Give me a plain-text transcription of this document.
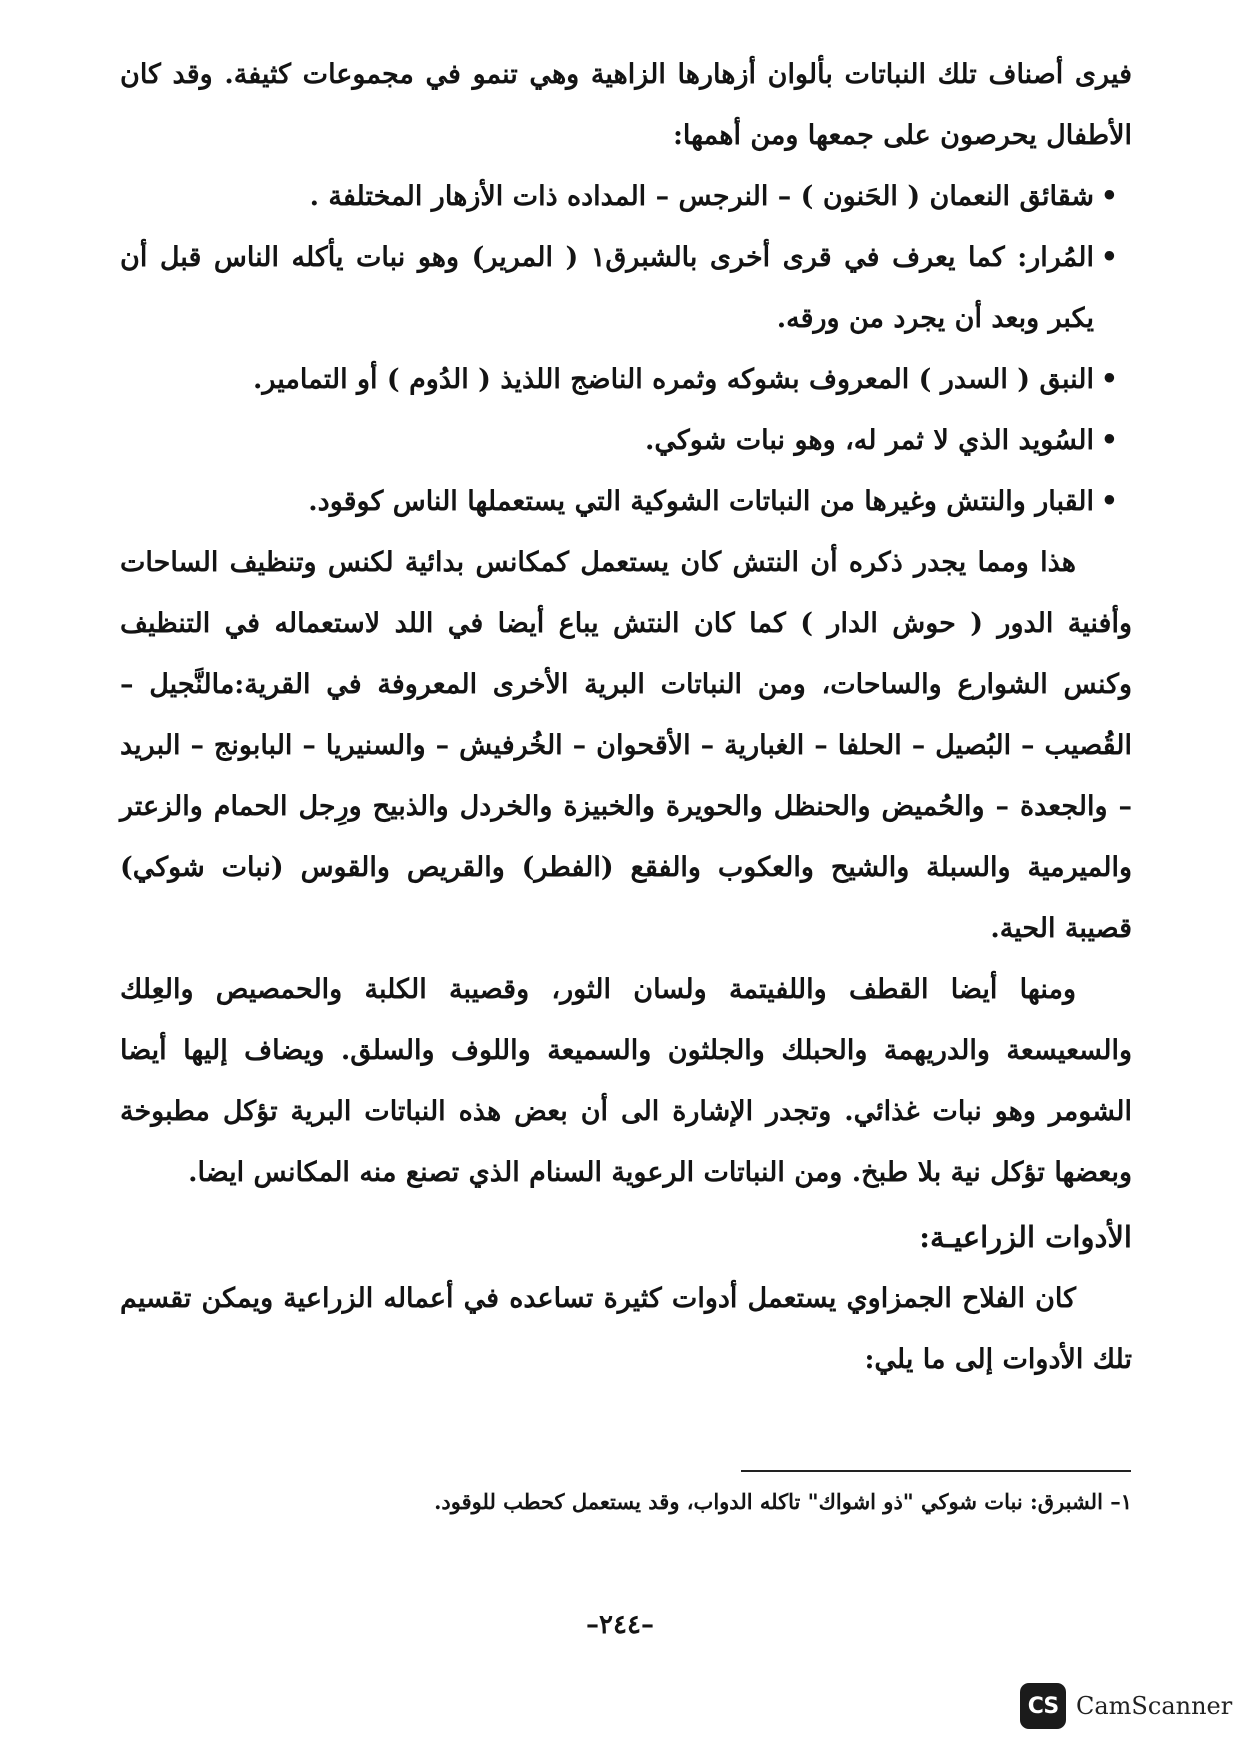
فيرى أصناف تلك النباتات بألوان أزهارها الزاهية وهي تنمو في مجموعات كثيفة. وقد كان الأطفال يحرصون على جمعها ومن أهمها:

•
شقائق النعمان ( الحَنون ) – النرجس – المداده ذات الأزهار المختلفة .
•
المُرار: كما يعرف في قرى أخرى بالشبرق١ ( المرير) وهو نبات يأكله الناس قبل أن يكبر وبعد أن يجرد من ورقه.
•
النبق ( السدر ) المعروف بشوكه وثمره الناضج اللذيذ ( الدُوم ) أو التمامير.
•
السُويد الذي لا ثمر له، وهو نبات شوكي.
•
القبار والنتش وغيرها من النباتات الشوكية التي يستعملها الناس كوقود.

هذا ومما يجدر ذكره أن النتش كان يستعمل كمكانس بدائية لكنس وتنظيف الساحات وأفنية الدور ( حوش الدار ) كما كان النتش يباع أيضا في اللد لاستعماله في التنظيف وكنس الشوارع والساحات، ومن النباتات البرية الأخرى المعروفة في القرية:مالنَّجيل – القُصيب – البُصيل – الحلفا – الغبارية – الأقحوان – الخُرفيش – والسنيريا – البابونج – البريد – والجعدة – والحُميض والحنظل والحويرة والخبيزة والخردل والذبيح ورِجل الحمام والزعتر والميرمية والسبلة والشيح والعكوب والفقع (الفطر) والقريص والقوس (نبات شوكي) قصيبة الحية.

ومنها أيضا القطف واللفيتمة ولسان الثور، وقصيبة الكلبة والحمصيص والعِلك والسعيسعة والدريهمة والحبلك والجلثون والسميعة واللوف والسلق. ويضاف إليها أيضا الشومر وهو نبات غذائي. وتجدر الإشارة الى أن بعض هذه النباتات البرية تؤكل مطبوخة وبعضها تؤكل نية بلا طبخ. ومن النباتات الرعوية السنام الذي تصنع منه المكانس ايضا.

الأدوات الزراعيـة:

كان الفلاح الجمزاوي يستعمل أدوات كثيرة تساعده في أعماله الزراعية ويمكن تقسيم تلك الأدوات إلى ما يلي:

١– الشبرق: نبات شوكي "ذو اشواك" تاكله الدواب، وقد يستعمل كحطب للوقود.
–٢٤٤–
CS CamScanner
